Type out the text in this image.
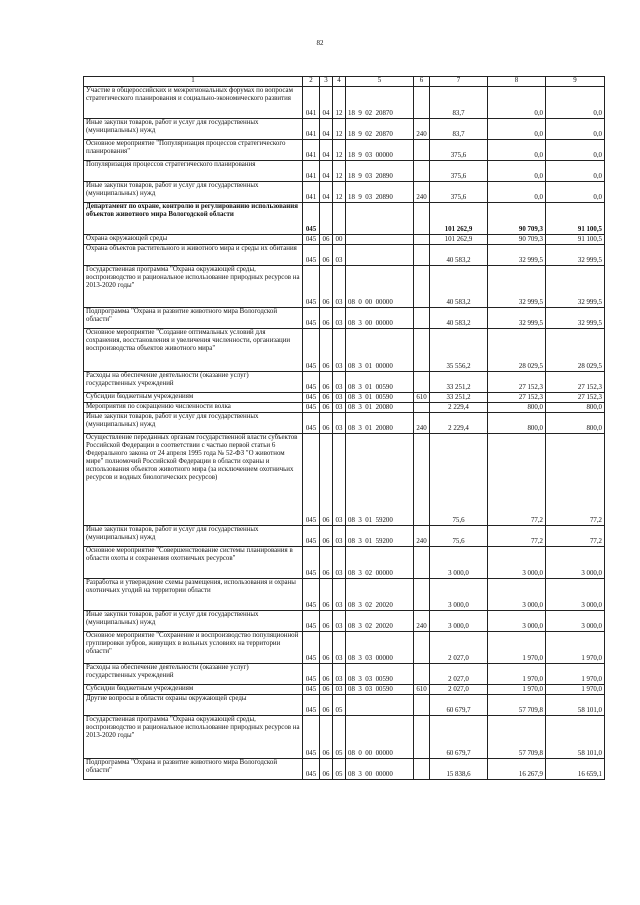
82
1	2	3	4	5	6	7	8	9
Участие в общероссийских и межрегиональных форумах по вопросам стратегического планирования и социально-экономического развития	041	04	12	18  9  02  20870		83,7	0,0	0,0
Иные закупки товаров, работ и услуг для государственных (муниципальных) нужд	041	04	12	18  9  02  20870	240	83,7	0,0	0,0
Основное мероприятие "Популяризация процессов стратегического планирования"	041	04	12	18  9  03  00000		375,6	0,0	0,0
Популяризация процессов стратегического планирования	041	04	12	18  9  03  20890		375,6	0,0	0,0
Иные закупки товаров, работ и услуг для государственных (муниципальных) нужд	041	04	12	18  9  03  20890	240	375,6	0,0	0,0
Департамент по охране, контролю и регулированию использования объектов животного мира Вологодской области	045					101 262,9	90 709,3	91 100,5
Охрана окружающей среды	045	06	00			101 262,9	90 709,3	91 100,5
Охрана объектов растительного и животного мира и среды их обитания	045	06	03			40 583,2	32 999,5	32 999,5
Государственная программа "Охрана окружающей среды, воспроизводство и рациональное использование природных ресурсов на 2013-2020 годы"	045	06	03	08  0  00  00000		40 583,2	32 999,5	32 999,5
Подпрограмма "Охрана и развитие животного мира Вологодской области"	045	06	03	08  3  00  00000		40 583,2	32 999,5	32 999,5
Основное мероприятие "Создание оптимальных условий для сохранения, восстановления и увеличения численности, организации воспроизводства объектов животного мира"	045	06	03	08  3  01  00000		35 556,2	28 029,5	28 029,5
Расходы на обеспечение деятельности (оказание услуг) государственных учреждений	045	06	03	08  3  01  00590		33 251,2	27 152,3	27 152,3
Субсидии бюджетным учреждениям	045	06	03	08  3  01  00590	610	33 251,2	27 152,3	27 152,3
Мероприятия по сокращению численности волка	045	06	03	08  3  01  20080		2 229,4	800,0	800,0
Иные закупки товаров, работ и услуг для государственных (муниципальных) нужд	045	06	03	08  3  01  20080	240	2 229,4	800,0	800,0
Осуществление переданных органам государственной власти субъектов Российской Федерации в соответствии с частью первой статьи 6 Федерального закона от 24 апреля 1995 года № 52-ФЗ "О животном мире" полномочий Российской Федерации в области охраны и использования объектов животного мира (за исключением охотничьих ресурсов и водных биологических ресурсов)	045	06	03	08  3  01  59200		75,6	77,2	77,2
Иные закупки товаров, работ и услуг для государственных (муниципальных) нужд	045	06	03	08  3  01  59200	240	75,6	77,2	77,2
Основное мероприятие "Совершенствование системы планирования в области охоты и сохранения охотничьих ресурсов"	045	06	03	08  3  02  00000		3 000,0	3 000,0	3 000,0
Разработка и утверждение схемы размещения, использования и охраны охотничьих угодий на территории области	045	06	03	08  3  02  20020		3 000,0	3 000,0	3 000,0
Иные закупки товаров, работ и услуг для государственных (муниципальных) нужд	045	06	03	08  3  02  20020	240	3 000,0	3 000,0	3 000,0
Основное мероприятие "Сохранение и воспроизводство популяционной группировки зубров, живущих в вольных условиях на территории области"	045	06	03	08  3  03  00000		2 027,0	1 970,0	1 970,0
Расходы на обеспечение деятельности (оказание услуг) государственных учреждений	045	06	03	08  3  03  00590		2 027,0	1 970,0	1 970,0
Субсидии бюджетным учреждениям	045	06	03	08  3  03  00590	610	2 027,0	1 970,0	1 970,0
Другие вопросы в области охраны окружающей среды	045	06	05			60 679,7	57 709,8	58 101,0
Государственная программа "Охрана окружающей среды, воспроизводство и рациональное использование природных ресурсов на 2013-2020 годы"	045	06	05	08  0  00  00000		60 679,7	57 709,8	58 101,0
Подпрограмма "Охрана и развитие животного мира Вологодской области"	045	06	05	08  3  00  00000		15 838,6	16 267,9	16 659,1
